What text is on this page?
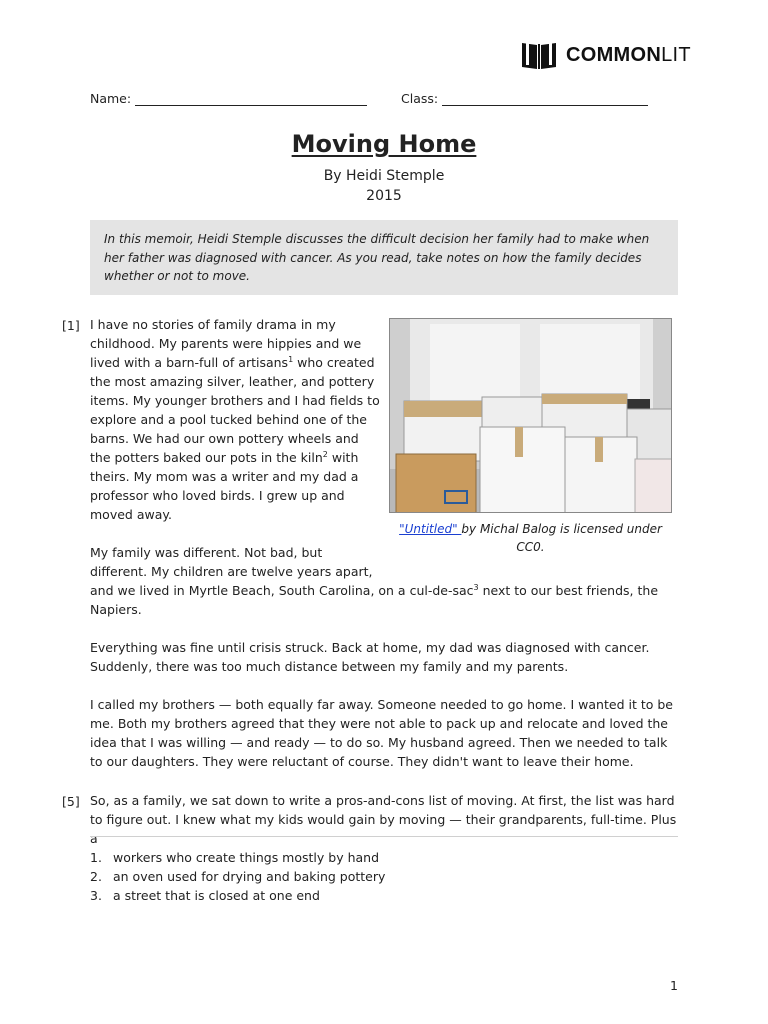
COMMONLIT
Name:	Class:
Moving Home
By Heidi Stemple
2015
In this memoir, Heidi Stemple discusses the difficult decision her family had to make when her father was diagnosed with cancer. As you read, take notes on how the family decides whether or not to move.
[1] I have no stories of family drama in my
childhood. My parents were hippies and we
lived with a barn-full of artisans$^1$ who created
the most amazing silver, leather, and pottery
items. My younger brothers and I had fields to
explore and a pool tucked behind one of the
barns. We had our own pottery wheels and
the potters baked our pots in the kiln$^2$ with
theirs. My mom was a writer and my dad a
professor who loved birds. I grew up and
moved away.
"Untitled" by Michal Balog is licensed under CC0.
My family was different. Not bad, but
different. My children are twelve years apart,
and we lived in Myrtle Beach, South Carolina, on a cul-de-sac$^3$ next to our best friends, the
Napiers.
Everything was fine until crisis struck. Back at home, my dad was diagnosed with cancer. Suddenly, there was too much distance between my family and my parents.
I called my brothers — both equally far away. Someone needed to go home. I wanted it to be me. Both my brothers agreed that they were not able to pack up and relocate and loved the idea that I was willing — and ready — to do so. My husband agreed. Then we needed to talk to our daughters. They were reluctant of course. They didn't want to leave their home.
[5] So, as a family, we sat down to write a pros-and-cons list of moving. At first, the list was hard to figure out. I knew what my kids would gain by moving — their grandparents, full-time. Plus a
1. workers who create things mostly by hand
2. an oven used for drying and baking pottery
3. a street that is closed at one end
1
